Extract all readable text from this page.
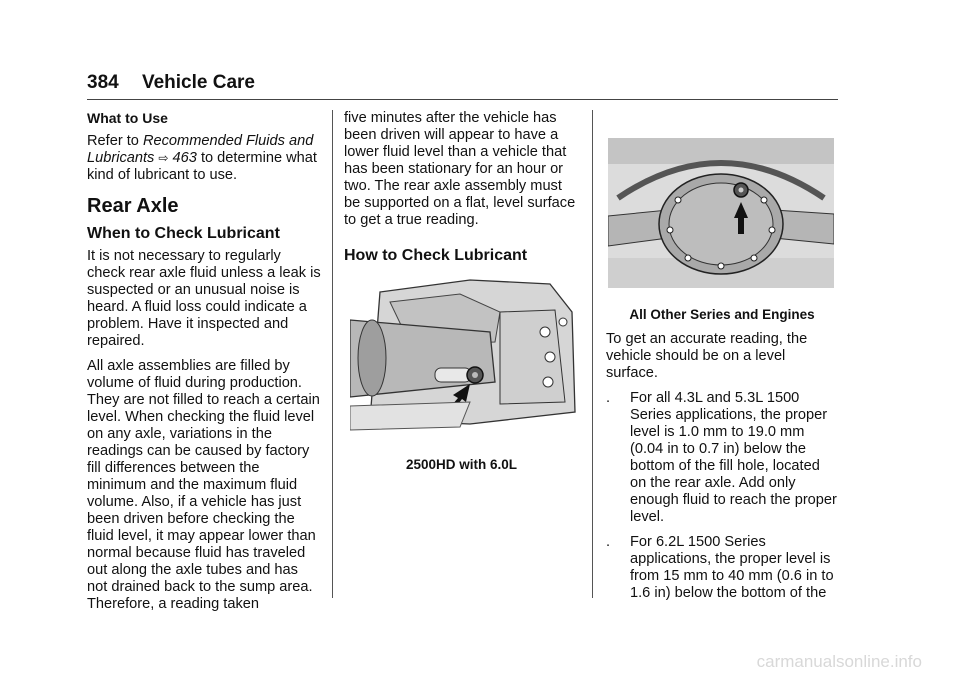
384 Vehicle Care
What to Use

Refer to Recommended Fluids and Lubricants ⇨ 463 to determine what kind of lubricant to use.

Rear Axle
When to Check Lubricant

It is not necessary to regularly check rear axle fluid unless a leak is suspected or an unusual noise is heard. A fluid loss could indicate a problem. Have it inspected and repaired.

All axle assemblies are filled by volume of fluid during production. They are not filled to reach a certain level. When checking the fluid level on any axle, variations in the readings can be caused by factory fill differences between the minimum and the maximum fluid volume. Also, if a vehicle has just been driven before checking the fluid level, it may appear lower than normal because fluid has traveled out along the axle tubes and has not drained back to the sump area. Therefore, a reading taken

five minutes after the vehicle has been driven will appear to have a lower fluid level than a vehicle that has been stationary for an hour or two. The rear axle assembly must be supported on a flat, level surface to get a true reading.

How to Check Lubricant
2500HD with 6.0L
All Other Series and Engines

To get an accurate reading, the vehicle should be on a level surface.

.	For all 4.3L and 5.3L 1500 Series applications, the proper level is 1.0 mm to 19.0 mm (0.04 in to 0.7 in) below the bottom of the fill hole, located on the rear axle. Add only enough fluid to reach the proper level.
.	For 6.2L 1500 Series applications, the proper level is from 15 mm to 40 mm (0.6 in to 1.6 in) below the bottom of the
carmanualsonline.info
